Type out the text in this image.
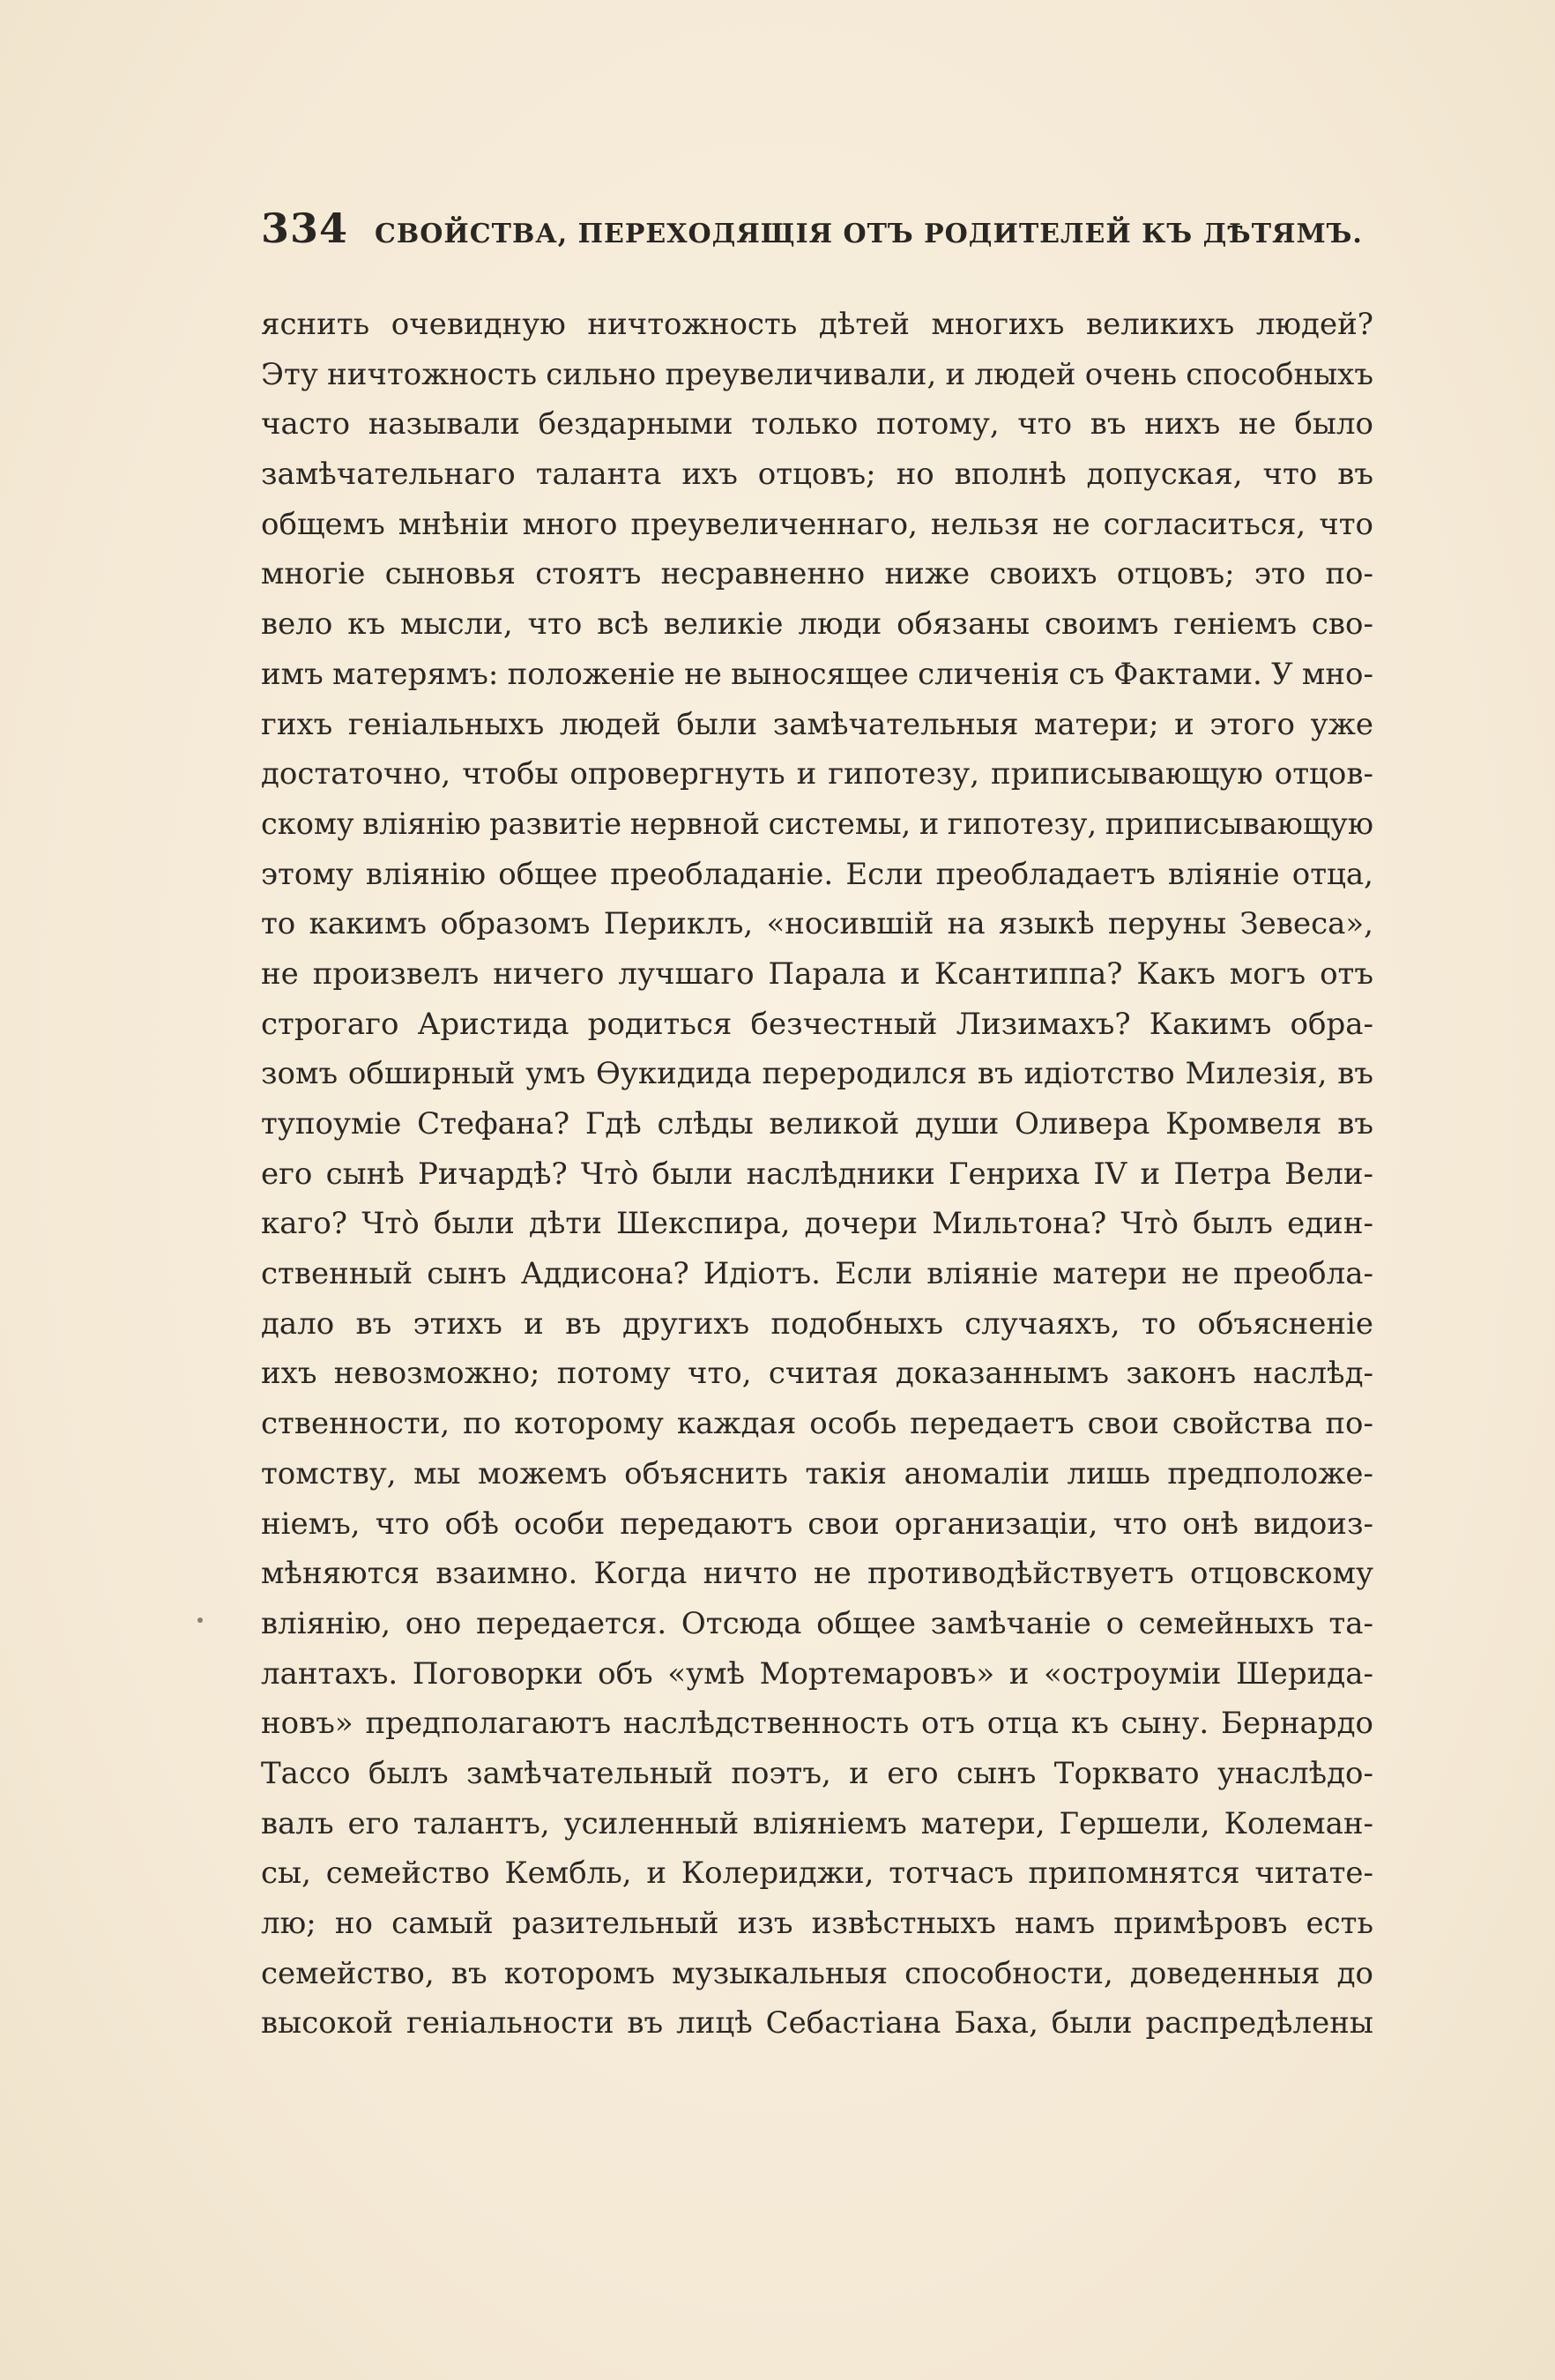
334 СВОЙСТВА, ПЕРЕХОДЯЩІЯ ОТЪ РОДИТЕЛЕЙ КЪ ДѢТЯМЪ.
яснить очевидную ничтожность дѣтей многихъ великихъ людей?
Эту ничтожность сильно преувеличивали, и людей очень способныхъ
часто называли бездарными только потому, что въ нихъ не было
замѣчательнаго таланта ихъ отцовъ; но вполнѣ допуская, что въ
общемъ мнѣніи много преувеличеннаго, нельзя не согласиться, что
многіе сыновья стоятъ несравненно ниже своихъ отцовъ; это по-
вело къ мысли, что всѣ великіе люди обязаны своимъ геніемъ сво-
имъ матерямъ: положеніе не выносящее сличенія съ Фактами. У мно-
гихъ геніальныхъ людей были замѣчательныя матери; и этого уже
достаточно, чтобы опровергнуть и гипотезу, приписывающую отцов-
скому вліянію развитіе нервной системы, и гипотезу, приписывающую
этому вліянію общее преобладаніе. Если преобладаетъ вліяніе отца,
то какимъ образомъ Периклъ, «носившій на языкѣ перуны Зевеса»,
не произвелъ ничего лучшаго Парала и Ксантиппа? Какъ могъ отъ
строгаго Аристида родиться безчестный Лизимахъ? Какимъ обра-
зомъ обширный умъ Ѳукидида переродился въ идіотство Милезія, въ
тупоуміе Стефана? Гдѣ слѣды великой души Оливера Кромвеля въ
его сынѣ Ричардѣ? Чтò были наслѣдники Генриха IV и Петра Вели-
каго? Чтò были дѣти Шекспира, дочери Мильтона? Чтò былъ един-
ственный сынъ Аддисона? Идіотъ. Если вліяніе матери не преобла-
дало въ этихъ и въ другихъ подобныхъ случаяхъ, то объясненіе
ихъ невозможно; потому что, считая доказаннымъ законъ наслѣд-
ственности, по которому каждая особь передаетъ свои свойства по-
томству, мы можемъ объяснить такія аномаліи лишь предположе-
ніемъ, что обѣ особи передаютъ свои организаціи, что онѣ видоиз-
мѣняются взаимно. Когда ничто не противодѣйствуетъ отцовскому
вліянію, оно передается. Отсюда общее замѣчаніе о семейныхъ та-
лантахъ. Поговорки объ «умѣ Мортемаровъ» и «остроуміи Шерида-
новъ» предполагаютъ наслѣдственность отъ отца къ сыну. Бернардо
Тассо былъ замѣчательный поэтъ, и его сынъ Торквато унаслѣдо-
валъ его талантъ, усиленный вліяніемъ матери, Гершели, Колеман-
сы, семейство Кембль, и Колериджи, тотчасъ припомнятся читате-
лю; но самый разительный изъ извѣстныхъ намъ примѣровъ есть
семейство, въ которомъ музыкальныя способности, доведенныя до
высокой геніальности въ лицѣ Себастіана Баха, были распредѣлены
